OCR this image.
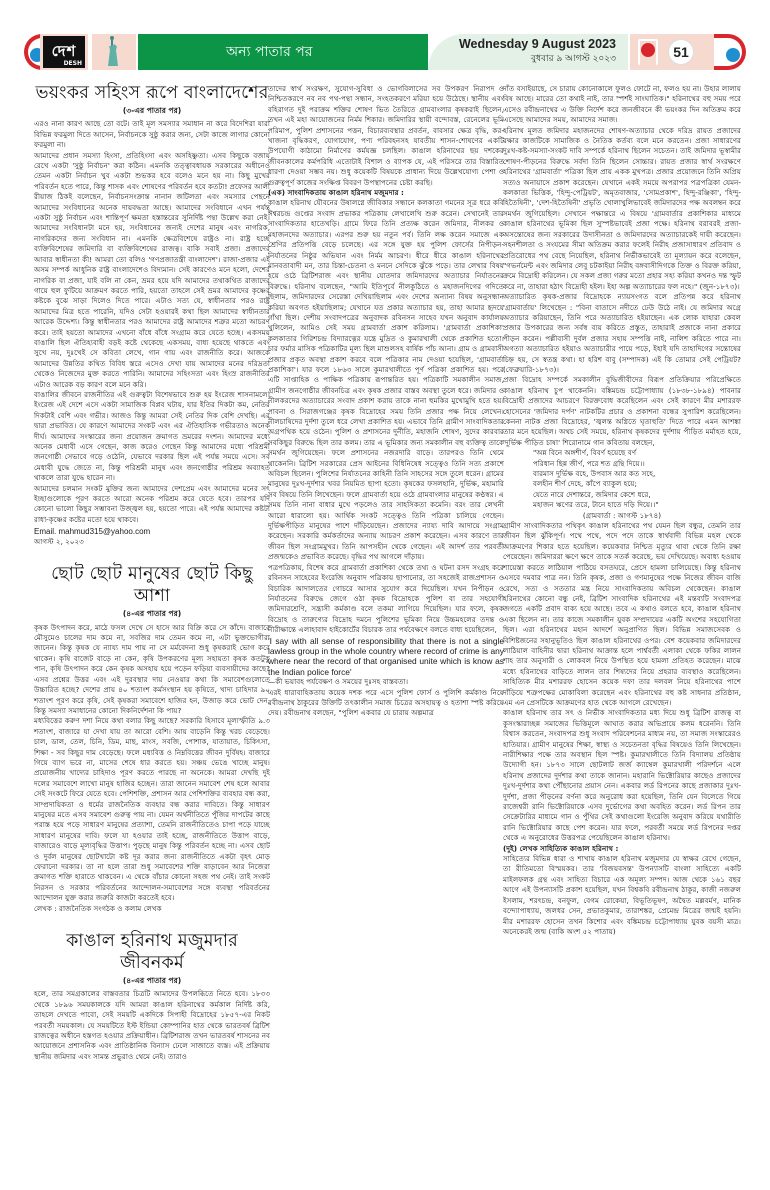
দেশ
DESH
অন্য পাতার পর	Wednesday 9 August 2023
বুধবার ৯ আগস্ট ২০২৩	51
ভয়ংকর সহিংস রূপে বাংলাদেশের
(৩-এর পাতার পর)

এরও নানা কারণ আছে তো বটে। তাই মূল সমস্যার সমাধান না করে বিদেশিরা যারা বিভিন্ন ফরমুলা দিতে আসেন, নির্বাচনকে সুষ্ঠু করার জন্য, সেটা কাজে লাগার কোনো ফরমুলা না।

আমাদের প্রধান সমস্যা হিংসা, প্রতিহিংসা এবং অসহিষ্ণুতা। এসব কিছুকে বজায় রেখে একটা 'সুষ্ঠু নির্বাচন' করা কঠিন। এমনকি তত্ত্বাবধায়ক সরকারের অধীনেও তেমন একটা নির্বাচন খুব একটা শুভকর হবে বলেও মনে হয় না। কিছু মুখের পরিবর্তন হতে পারে, কিন্তু শাসক এবং শোষণের পরিবর্তন হবে কতটা! প্রফেসর আলী রীয়াজ ঠিকই বলেছেন, নির্বাচনসংক্রান্ত নানান জটিলতা এবং সমস্যার পেছনে আমাদের সংবিধানের অনেক দায়বদ্ধতা আছে। আমাদের সংবিধানে এখন পর্যন্ত একটা সুষ্ঠু নির্বাচন এবং শান্তিপূর্ণ ক্ষমতা হস্তান্তরের সুনির্দিষ্ট পন্থা উল্লেখ করা নেই। আমাদের সংবিধানটা মনে হয়, সংবিধানের জন্যই দেশের মানুষ এবং নাগরিক, নাগরিকদের জন্য সংবিধান না। এমনকি ক্ষেত্রবিশেষে রাষ্ট্রও না। রাষ্ট্র হচ্ছে ব্যক্তিবিশেষের জমিদারি বা ব্যক্তিবিশেষের রাজত্ব। বাকি সবাই প্রজা। প্রজাদের আবার স্বাধীনতা কী! আমরা তো বলিও 'গণপ্রজাতন্ত্রী বাংলাদেশ'। রাজা-প্রজার এই অসম সম্পর্ক আধুনিক রাষ্ট্র বাংলাদেশেও বিদ্যমান। সেই কারণেও মনে হলো, দেশের নাগরিক বা প্রজা, যাই বলি না কেন, ভ্রমর হয়ে যদি আমাদের তথাকথিত রাজাদের গায়ে হুল ফুটিয়ে আক্রমণ করতে পারি, হয়তো তাহলে সেই ভ্রমর আমাদের কৃষ্ণের কষ্টকে বুঝে সাড়া দিলেও দিতে পারে। এটাও সত্য যে, স্বাধীনতার পরও রাষ্ট্র আমাদের মিত্র হতে পারেনি, যদিও সেটা হওয়ারই কথা ছিল আমাদের স্বাধীনতার আরেক উদ্দেশ্য। কিন্তু স্বাধীনতার পরও আমাদের রাষ্ট্র আমাদের শত্রুর মতো আচরণ করে। তাই হয়তো আমাদের এখনো বাঁধে বাঁধে সংগ্রাম করে যেতে হচ্ছে। একসময় বাঙালি ছিল ঐতিহ্যবাহী বড়ই কষ্টে থেকেছে একসময়, বাধ্য হয়েছে থাকতে এবং সুখে নয়, দুঃখেই সে কবিতা লেখে, গান গায় এবং রাজনীতি করে। আজকে আমাদের উন্নতির কথিত বিবিধ স্তরে এসেও দেখা যায় আমাদের মনের দরিদ্রতা থেকেও নিজেদের মুক্ত করতে পারিনি। আমাদের সহিংসতা এবং হিংস্র রাজনীতির এটাও আরেক বড় কারণ বলে মনে করি।

বাঙালির জীবনে রাজনীতির এই গুরুত্বটা বিশেষভাবে শুরু হয় ইংরেজ শাসনামলে। ইংরেজ এই দেশে এসে একটা সামাজিক বিপ্লব ঘটায়, যার ইতির দিকটা কম, নেতির দিকটাই বেশি এবং গভীর। আজও কিন্তু আমরা সেই নেতির দিক বেশি দেখছি। এর দ্বারা প্রভাবিত। যে কারণে আমাদের সংকট এবং এর ঐতিহাসিক গভীরতাও অনেক দীর্ঘ। আমাদের সংস্কারের জন্য প্রয়োজন ক্রমাগত ভ্রমরের দংশন। আমাদের মধ্যে অনেক মেধাবী এসে গেছেন, কাজ করেও গেছেন কিন্তু আমাদের মধ্যে পরিশ্রমী জনগোষ্ঠী সেভাবে গড়ে ওঠেনি, যেভাবে দরকার ছিল এই পর্যন্ত সময়ে এসে। সব মেধাবী যুদ্ধে জেতে না, কিন্তু পরিশ্রমী মানুষ এবং জনগোষ্ঠীর পরিশ্রম অব্যাহত থাকলে তারা যুদ্ধে হারেন না।

আমাদের চলমান সংকট মুক্তির জন্য আমাদের দেশপ্রেম এবং আমাদের মনের সৎ ইচ্ছাগুলোকে পূরণ করতে আরো অনেক পরিশ্রম করে যেতে হবে। তারপর যদি কোনো ভালো কিছুর সম্ভাবনা উজ্জ্বল হয়, হয়তো পারে। এই পর্যন্ত আমাদের কষ্টটা রাধা-কৃষ্ণের কষ্টের মতো হয়ে থাকবে।

Email. mahmud315@yahoo.com
আগস্ট ২, ২০২৩
ছোট ছোট মানুষের ছোট কিছু আশা
(৪-এর পাতার পর)

কৃষক উৎপাদন করে, মাঠে ফসল দেখে সে হাসে আর বিক্রি করে সে কাঁদে। বাজারে মৌসুমেও চালের দাম কমে না, সবজির দাম তেমন কমে না, এটা ভুক্তভোগীরা জানেন। কিন্তু কৃষক যে ন্যায্য দাম পায় না সে মর্মবেদনা শুধু কৃষকরাই ভোগ করে থাকেন। কৃষি বাজেট বাড়ে না কেন, কৃষি উপকরণের মূল্য সহায়তা কৃষক কতটুকু পান, কৃষি উৎপাদন করে কেন কৃষক অসহায় হয়ে পড়েন ফড়িয়া ব্যবসায়ীদের কাছে? এসব প্রশ্নের উত্তর এবং এই দুরবস্থার দায় নেওয়ার কথা কি সমাবেশগুলোতে উচ্চারিত হচ্ছে? দেশের প্রায় ৪০ শতাংশ কর্মসংস্থান হয় কৃষিতে, খাদ্য চাহিদার ৯০ শতাংশ পূরণ করে কৃষি, সেই কৃষকরা সমাবেশে হাজির হন, উজাড় করে ভোট দেন, কিন্তু সমস্যা সমাধানের কোনো দিকনির্দেশনা কি পায়?

মধ্যবিত্তের করুণ দশা নিয়ে কথা বলার কিছু আছে? সরকারি হিসাবে মূল্যস্ফীতি ৯.৩ শতাংশ, বাজারে যা দেখা যায় তা আরো বেশি। আয় বাড়েনি কিন্তু খরচ বেড়েছে। চাল, ডাল, তেল, চিনি, ডিম, মাছ, মাংস, সবজি, পোশাক, যাতায়াত, চিকিৎসা, শিক্ষা - সব কিছুর দাম বেড়েছে। ফলে মধ্যবিত্ত ও নিম্নবিত্তের জীবন দুর্বিষহ। বাজারে গিয়ে ব্যাগ ভরে না, মাসের শেষে ধার করতে হয়। সঞ্চয় ভেঙে খাচ্ছে মানুষ। প্রয়োজনীয় খাদ্যের চাহিদাও পূরণ করতে পারছে না অনেকে। আমরা দেখছি দুই দলের সমাবেশে লাখো মানুষ হাজির হচ্ছেন। তারা জানেন সমাবেশ শেষ হলে আবার সেই সংকটে ফিরে যেতে হবে। পেশিশক্তি, প্রশাসন আর পেশিশক্তির ব্যবহার বন্ধ করা, সাম্প্রদায়িকতা ও ধর্মের রাজনৈতিক ব্যবহার বন্ধ করার দাবিতে। কিন্তু সাধারণ মানুষের মতে এসব সমাবেশ গুরুত্ব পায় না। যেমন অর্থনীতিতে পুঁজির দাপটের কাছে পরাস্ত হয়ে পড়ে সাধারণ মানুষের প্রত্যাশা, তেমনি রাজনীতিতেও চাপা পড়ে যাচ্ছে সাধারণ মানুষের দাবি। ফলে যা হওয়ার তাই হচ্ছে, রাজনীতিতে উত্তাপ বাড়ে, বাজারেও বাড়ে মূল্যবৃদ্ধির উত্তাপ। পুড়ছে মানুষ কিন্তু পরিবর্তন হচ্ছে না। এসব ছোট ও দুর্বল মানুষের ছোটখাটো কষ্ট দূর করার জন্য রাজনীতিতে একটা বৃহৎ মোড় ফেরানো দরকার। তা না হলে তারা শুধু সমাবেশের শক্তি বাড়াবেন আর নিজেরা ক্রমাগত শক্তি হারাতে থাকবেন। এ থেকে বাঁচার কোনো সহজ পথ নেই। তাই সংকট নিরসন ও সরকার পরিবর্তনের আন্দোলন-সমাবেশের সঙ্গে ব্যবস্থা পরিবর্তনের আন্দোলন যুক্ত করার জরুরি কাজটা করতেই হবে।

লেখক : রাজনৈতিক সংগঠক ও কলাম লেখক

কাঙাল হরিনাথ মজুমদার জীবনকর্ম
(৪-এর পাতার পর)

হলে, তার সমগ্রকালের বাস্তবতার চিত্রটি আমাদের উপলব্ধিতে নিতে হবে। ১৮৩৩ থেকে ১৮৯৬ সময়কালকে যদি আমরা কাঙাল হরিনাথের কর্মকাল নির্দিষ্ট করি, তাহলে দেখতে পাবো, সেই সময়টি একদিকে সিপাহী বিদ্রোহের ১৮৫৭-এর নিকট পরবর্তী সময়কাল। যে সময়টিতে ইস্ট ইন্ডিয়া কোম্পানির হাত থেকে ভারতবর্ষ ব্রিটিশ রাজত্বের অধীনে হস্তগত হওয়ার প্রক্রিয়াধীন। ব্রিটিশরাজ তখন ভারতবর্ষ শাসনের নব আয়োজনে প্রশাসনিক এবং প্রাতিষ্ঠানিক বিন্যাস ঢেলে সাজাতে ব্যস্ত। এই প্রক্রিয়ায় স্থানীয় জমিদার এবং সামন্ত প্রভুরাও থেমে নেই। তারাও

তাদের স্বার্থ সংরক্ষণ, সুযোগ-সুবিধা ও ভোগবিলাসের সব উপকরণ নিরাপদ ও নিশ্চিতকরণে নব নব পথ-পন্থা সন্ধান, সংহতকরণে মরিয়া হয়ে উঠেছে। স্থানীয় এবং বহিরাগত দুই পরাক্রম শক্তির শোষণ ভিত তৈরিতে গ্রামবাংলার কৃষকরাই ছিলেন, তখন এই মহা আয়োজনের নির্মম শিকার। জমিদারির স্থায়ী বন্দোবস্ত, রেনেলের ভূমি পরিমাপ, পুলিশ প্রশাসনের পত্তন, বিচারব্যবস্থার প্রবর্তন, বাবসার ক্ষেত্র বৃদ্ধি, কর-খাজনা বৃদ্ধিকরণ, যোগাযোগ, পণ্য পরিবহনসহ যাবতীয় শাসন-শোষণের একটি উপযোগী কাঠামো নির্মাণের কর্মযজ্ঞ চলছিল। কাঙাল হরিনাথের ছয় দশকের জীবনকালের কর্মপরিধি এতোটাই বিশাল ও ব্যাপক যে, এই পরিসরে তার বিস্তারিত ধারণা দেওয়া সম্ভব নয়। শুধু কয়েকটি বিষয়কে প্রাধান্য দিয়ে উল্লেখযোগ্য পেশা ও গুরুত্বপূর্ণ কাজের সংক্ষিপ্ত বিবরণ উপস্থাপনের চেষ্টা করছি।

(এক) সাংবাদিকতায় কাঙাল হরিনাথ মজুমদার :

কাঙাল হরিনাথ যৌবনের উষালগ্নে জীবিকার সন্ধানে কলকাতা গমনের সূত্র ধরে কবি ঈশ্বরচন্দ্র গুপ্তের সংবাদ প্রভাকর পত্রিকায় লেখালেখি শুরু করেন। সেখানেই তার সাংবাদিকতার হাতেখড়ি। গ্রামে ফিরে তিনি প্রত্যক্ষ করেন জমিদার, নীলকর ও মহাজনদের অত্যাচার। এরপর শুরু হয় নতুন পর্ব। তিনি লক্ষ করেন সমাজে এক শ্রেণির প্রতিপত্তি বেড়ে চলেছে। এর সঙ্গে যুক্ত হয় পুলিশ ফোর্সের নিপীড়ন-নির্যাতনের নিষ্ঠুর অভিযান এবং নির্মম আচরণ। ধীরে ধীরে কাঙাল হরিনাথের মানবতাবাদী মন, তার চিন্তা-চেতনা ও মননে সেদিকে ঝুঁকে পড়ে। তার লেখার বিষয় হয়ে ওঠে ব্রিটিশরাজ এবং স্থানীয় যোতদার জমিদারদের অত্যাচার নির্যাতনের বিরুদ্ধে। হরিনাথ বলেছেন, "আমি ইতিপূর্বে নীলকুঠিতে ও মহাজনদিগের গদিতে ছিলাম, জমিদারদের সেরেস্তা দেখিয়াছিলাম এবং দেশের অন্যান্য বিষয় অনুসন্ধান করিয়া অবগত হইয়াছিলাম; যেখানে যত প্রকার অত্যাচার হয়, তাহা আমার হৃদয়ে গাঁথা ছিল। দেশীয় সংবাদপত্রের অনুবাদক রবিনসন সাহেব যখন অনুবাদ কার্যালয় খুলিলেন, আমিও সেই সময় গ্রামবার্তা প্রকাশ করিলাম। 'গ্রামবার্তা প্রকাশিকা' কলকাতার গিরিশচন্দ্র বিদ্যারত্নের যন্ত্রে মুদ্রিত ও কুমারখালী থেকে প্রকাশিত হতো। চার ফর্মার মাসিক পত্রিকাটির মূল্য ছিল মাশুলসহ বার্ষিক পাঁচ আনা। গ্রাম ও গ্রামবাসী প্রজার প্রকৃত অবস্থা প্রকাশ করবে বলে পত্রিকার নাম দেওয়া হয়েছিল, 'গ্রামবার্তা প্রকাশিকা'। যার ফলে ১৮৬৩ সালে কুমারখালীতে পূর্ণ পত্রিকা প্রকাশিত হয়। পরে এটি সাপ্তাহিক ও পাক্ষিক পত্রিকায় রূপান্তরিত হয়। পত্রিকাটি সমকালীন সমাজ, গ্রামীণ জনগোষ্ঠীর জীবনচিত্র এবং কৃষক প্রজার বাস্তব অবস্থা তুলে ধরে। জমিদার ও নীলকরদের অত্যাচারের সংবাদ প্রকাশ করায় তাকে নানা হুমকির মুখোমুখি হতে হয়। পাবনা ও সিরাজগঞ্জের কৃষক বিদ্রোহের সময় তিনি প্রজার পক্ষ নিয়ে লেখেন। নীলচাষিদের দুর্দশা তুলে ধরে লেখা প্রকাশিত হয়। এভাবে তিনি গ্রামীণ সাংবাদিকতার অগ্রপথিক হয়ে ওঠেন। পুলিশ ও প্রশাসনের দুর্নীতি, মহাজনি শোষণ, সুদের কারবার সবকিছুর বিরুদ্ধে ছিল তার কলম। তার এ ভূমিকার জন্য সমকালীন বহু ব্যক্তিত্ব তাকে সমর্থন জুগিয়েছেন। ফলে প্রশাসনের নজরদারি বাড়ে। তারপরও তিনি থেমে থাকেননি। ব্রিটিশ সরকারের প্রেস আইনের বিধিনিষেধ সত্ত্বেও তিনি সত্য প্রকাশে অবিচল ছিলেন। পুলিশের নির্যাতনের কাহিনী তিনি সাহসের সঙ্গে তুলে ধরেন। গ্রামের মানুষের দুঃখ-দুর্দশার খবর নিয়মিত ছাপা হতো। কৃষকের ফসলহানি, দুর্ভিক্ষ, মহামারি সব বিষয়ে তিনি লিখেছেন। ফলে গ্রামবার্তা হয়ে ওঠে গ্রামবাংলার মানুষের কণ্ঠস্বর। এ সময় তিনি নানা বাধার মুখে পড়লেও তার সাহসিকতা কমেনি। বরং তার লেখনী আরো ধারালো হয়। আর্থিক সংকট সত্ত্বেও তিনি পত্রিকা চালিয়ে গেছেন। দুর্ভিক্ষপীড়িত মানুষের পাশে দাঁড়িয়েছেন। প্রজাদের ন্যায্য দাবি আদায়ে সংগ্রাম করেছেন। সরকারি কর্মকর্তাদের অন্যায় আচরণ প্রকাশ করেছেন। এসব কারণে তার জীবন ছিল সংগ্রামমুখর। তিনি আপসহীন থেকে গেছেন। এই আদর্শ তার পরবর্তী প্রজন্মকেও প্রভাবিত করেছে। বৃদ্ধির পথ আগলে দাঁড়ায়।

পত্রপত্রিকায়, বিশেষ করে গ্রামবার্তা প্রকাশিকা থেকে তথ্য ও ঘটনা রসদ সংগ্রহ করে রবিনসন সাহেবের ইংরেজি অনুবাদ পত্রিকায় ছাপানোর, তা সহজেই রাজপ্রশাসন ও বিচারিক আদালতের গোচরে আসার সুযোগ করে দিয়েছিল। যখন নিপীড়ন ও নির্যাতনের বিরুদ্ধে জেগে ওঠা কৃষক বিদ্রোহকে পুলিশ বা তার সহযোগী জমিদারশ্রেণি, সন্ত্রাসী কর্মকাণ্ড বলে তকমা লাগিয়ে দিয়েছিল। যার ফলে, কৃষক বিদ্রোহ ও তারুণ্যের বিদ্রোহ দমনে পুলিশের ভূমিকা নিয়ে উচ্চমহলের তদন্ত ও নীরীক্ষান্তে এলাহাবাদ হাইকোর্টের বিচারক তার পর্যবেক্ষণে বলতে বাধ্য হয়েছিলেন,

'I say with all sense of responsibility that there is not a single lawless group in the whole country where record of crime is any where near the record of that organised unite which is know as the Indian police force'

—কী ভয়াবহ পর্যবেক্ষণ ও সময়ের দুঃসহ বাস্তবতা।

এরই ধারাবাহিকতায় কয়েক দশক পরে এসে পুলিশ ফোর্স ও পুলিশি কর্মকাণ্ড নিয়ে রবীন্দ্রনাথ ঠাকুরের উক্তিটি তৎকালীন সমাজ চিত্রের অসহায়ত্ব ও হতাশা স্পষ্ট করিয়ে দেয়। রবীন্দ্রনাথ বলছেন, "পুলিশ একবার যে চারায় অল্পমাত্র

দাঁত বসাইয়াছে, সে চারায় কোনোকালে ফুলও ফোটে না, ফলও হয় না। উহার লালায় বিষ আছে। মারের তো কথাই নাই, তার স্পর্শই সাংঘাতিক।" হরিনাথের বহু সময় পরে এসেও রবীন্দ্রনাথের এ উক্তি নির্দেশ করে জনজীবনে কী ভয়ংকর দিন অতিক্রম করে এসেছে আমাদের সময়, আমাদের সমাজ।

হরিনাথ মূলত জমিদার মহাজনদের শোষণ-অত্যাচার থেকে দরিদ্র রায়ত প্রজাদের রক্ষার কাজটিকে সামাজিক ও নৈতিক কর্তব্য বলে মনে করতেন। প্রজা সাধারণের দুঃখ-কষ্ট-সমস্যা-সংকট দাবি সম্পর্কে হরিনাথ ছিলেন সচেতন। তাই জমিদার ভূস্বামীর শোষণ-পীড়নের বিরুদ্ধে সর্বদা তিনি ছিলেন সোচ্চার। রায়ত প্রজার স্বার্থ সংরক্ষণে হরিনাথের 'গ্রামবার্তা' পত্রিকা ছিল প্রায় একক মুখপত্র। প্রজার প্রয়োজনে তিনি অপ্রিয় সত্যও অনায়াসে প্রকাশ করেছেন। যেখানে একই সময়ে অপরাপর পত্রপত্রিকা যেমন-কলকাতা ভিত্তিক, 'হিন্দু-পেট্রিয়ট', অমৃতবাজার, 'সোমপ্রকাশ', হিন্দু-রঞ্জিকা', 'হিন্দু-হিতৈষিনী', 'দেশ-হিতৈষিনী' প্রভৃতি খোলাখুলিভাবেই জমিদারদের পক্ষ অবলম্বন করে সমর্থন জুগিয়েছিল। সেখানে পক্ষান্তরে এ বিষয়ে 'গ্রামবার্তার প্রকাশিকার মাধ্যমে কাঙাল হরিনাথের ভূমিকা ছিল সুস্পষ্টভাবেই প্রজা পক্ষে। হরিনাথ বরাবরই প্রজা-অসন্তোষের জন্য সরকারের উদাসীনতা ও জমিদারদের অত্যাচারকেই দায়ী করেছেন। সহনশীলতা ও সংযমের সীমা অতিক্রম করার ফলেই নিরীহ প্রজাসাধারণ প্রতিবাদ ও প্রতিরোধের পথ বেছে নিয়েছিল, হরিনাথ নির্ভীকভাবেই তা মূল্যায়ন করে বলেছেন, "গভর্নমেন্ট এবং জমিদার লেবু চটকাইয়া নিরীহ বঙ্গবাসীদিগকে তিক্ত ও বিরক্ত করিয়া, ক্রমে বিদ্রোহী করিলেন। যে সকল প্রজা গরুর মতো প্রহার সহ্য করিয়া কখনও দন্ত স্ফুট করে না, তাহারা হঠাৎ বিদ্রোহী হইল। ইহা অল্প অত্যাচারের ফল নহে।" (জুন-১৮৭৩)।

অত্যাচারিত কৃষক-প্রজার বিদ্রোহকে ন্যায়সংগত বলে প্রতিপন্ন করে হরিনাথ 'গ্রামবার্তায়' লিখেছেন : "বিনা বাতাসে নদীতে ঢেউ উঠে নাই। যে জমিদার অগ্রে অত্যাচার করিয়াছেন, তিনি পরে অত্যাচারিত হইয়াছেন। এক লোক যাহারা কেবল প্রজার উপকারের জন্য সর্বস্ব ব্যয় করিতে প্রস্তুত, তাহারাই প্রজাকে নানা প্রকারে পীড়ন করেন। পল্লীবাসী দুর্বল প্রজার সহায় সম্পত্তি নাই, নালিশ করিতে পারে না। অগত্যা অত্যাচারিত হইয়াও অত্যাচারীর পায়ে পড়ে, ইহাই যদি তাহাদিগের সন্তোষের চিহ্ন হয়, সে স্বতন্ত্র কথা। হা হরিশ বাবু (সম্পাদক) এই কি তোমার সেই পেট্রিয়ট? (ফেব্রুয়ারি-১৮৭৩)।

প্রজা বিদ্রোহ সম্পর্কে সমকালীন বুদ্ধিজীবীদের বিরূপ প্রতিক্রিয়ার পরিপ্রেক্ষিতে কাঙাল হরিনাথ চুপ থাকেননি। বঙ্কিমচন্দ্র চট্টোপাধ্যায় (১৮৩৮-১৮৯৪) পাবনার বিদ্রোহী প্রজাদের আচরণে বিরক্তবোধ করেছিলেন এবং সেই কারণে মীর মশাররফ হোসেনের 'জমিদার দর্পণ' নাটকটির প্রচার ও প্রকাশনা বন্ধের সুপারিশ করেছিলেন। কেননা নাটক প্রজা বিদ্রোহের, 'জ্বলন্ত অগ্নিতে ঘৃতাহুতি' দিতে পারে এমন আশঙ্কা তার মনে হয়েছিল। অথচ সেই সময়ে, হরিনাথ কৃষকদের দুর্দশায় পীড়িত মর্মাহত হয়ে, 'দুর্ভিক্ষ পীড়িত চাষা' শিরোনামে গান কবিতায় বলছেন,

"অন্ন বিনে অঙ্গশীর্ণ, বিবর্ণ হয়েছে বর্ণ
পরিধান ছিন্ন জীর্ণ, পরে শত গ্রন্থি দিয়ে।।
বারমাস দুর্ভিক্ষ বহে, উপবাস আর কত সহে,
বলহীন শীর্ণ দেহে, কাঁপে ব্যাকুল হয়ে;
যেতে নারে দেশান্তরে, জমিদার কেশে ধরে,
মহাজন ঋণের তরে, টানে হাতে দড়ি দিয়ে।।"

(গ্রামবার্তা : আগস্ট ১৮৭৪)

গ্রামীণ সাংবাদিকতার পথিকৃৎ কাঙাল হরিনাথের পথ যেমন ছিল বন্ধুর, তেমনি তার জীবন ছিল ঝুঁকিপূর্ণ। পথে পথে, পদে পদে তাকে স্বার্থবাদী বিভিন্ন মহল থেকে আক্রমণের শিকার হতে হয়েছিল। কয়েকবার নিশ্চিত মৃত্যুর থাবা থেকে তিনি রক্ষা পেয়েছেন। জমিদাররা ক্ষণে ক্ষণে তাকে সতর্ক করেছে, ভয় দেখিয়েছে। অবাধ্য হওয়ায় শায়েস্তা করতে লাঠিয়াল পাঠিয়ে বসতঘরে, প্রেসে হামলা চালিয়েছে। কিন্তু হরিনাথ এসবে দমবার পাত্র নন। তিনি কৃষক, প্রজা ও গণমানুষের পক্ষে নিজের জীবন বাজি রেখে, সত্য ও সততার মন্ত্র নিয়ে সাংবাদিকতায় অবিচল থেকেছেন। কাঙাল হরিনাথের কোনো বন্ধু নেই, ব্রিটিশ সাংবাদিক হরিনাথের এই মন্তব্যটি সংবাদপত্র জগতে একটি প্রবাদ বাক্য হয়ে আছে। তবে এ কথাও বলতে হবে, কাঙাল হরিনাথ একা ছিলেন না। তার কাজে সমকালীন যুবক সম্প্রদায়ের একটি অংশের সহযোগিতা ছিল। এরা হরিনাথের মহান আদর্শে অনুপ্রাণিত ছিল। বিভিন্ন সমাজসেবক ও বিশিষ্টজনের সহানুভূতিও ছিল কাঙাল হরিনাথের ওপর। বেশ কয়েকবার জমিদারদের লাঠিয়াল বাহিনীর দ্বারা হরিনাথ আক্রান্ত হলে পার্শ্ববর্তী এলাকা থেকে ফকির লালন শাহ তার অনুসারী ও লোকবল নিয়ে উপস্থিত হয়ে হামলা প্রতিহত করেছেন। মাঝে মধ্যে হরিনাথের বাড়িতে লালন তার শিষ্যদের নিয়ে প্রহরার ব্যবস্থাও করেছিলেন। সাহিত্যিক মীর মশাররফ হোসেন কয়েক দফা তার দলবল নিয়ে হরিনাথের পাশে দাঁড়িয়ে শত্রুপক্ষের মোকাবিলা করেছেন এবং হরিনাথের বহু কষ্ট সাধনার প্রতিষ্ঠান, এম এন প্রেসটিকে আক্রমণের হাত থেকে আগলে রেখেছেন।

কাঙাল হরিনাথ তার সৎ ও নির্ভীক সাংবাদিকতার মধ্য দিয়ে শুধু ব্রিটিশ রাজত্ব বা কুসংস্কারাচ্ছন্ন সমাজের ভিত্তিমূলে আঘাত করার অভিপ্রায়ে কলম ধরেননি। তিনি বিশ্বাস করতেন, সংবাদপত্র শুধু সংবাদ পরিবেশনের মাধ্যম নয়, তা সমাজ সংস্কারেরও হাতিয়ার। গ্রামীণ মানুষের শিক্ষা, স্বাস্থ্য ও সচেতনতা বৃদ্ধির বিষয়েও তিনি লিখেছেন। নারীশিক্ষার পক্ষে তার অবস্থান ছিল স্পষ্ট। কুমারখালীতে তিনি বিদ্যালয় প্রতিষ্ঠায় উদ্যোগী হন। ১৮৭৩ সালে ছোটলাট জর্জ ক্যাম্বেল কুমারখালী পরিদর্শনে এলে হরিনাথ প্রজাদের দুর্দশার কথা তাকে জানান। মহারানি ভিক্টোরিয়ার কাছেও প্রজাদের দুঃখ-দুর্দশার কথা পৌঁছানোর প্রয়াস নেন। একবার লর্ড রিপনের কাছে প্রজাকার দুঃখ-দুর্দশা, প্রজা পীড়নের বর্ণনা করে অনুরোধ করা হয়েছিল, তিনি যেন বিলেতে গিয়ে রাজেশ্বরী রানি ভিক্টোরিয়াকে এসব দুর্ভোগের কথা অবহিত করেন। লর্ড রিপন তার সেক্রেটারির মাধ্যমে গান ও পুঁথির সেই কথাগুলো ইংরেজি অনুবাদ করিয়ে যথারীতি রানি ভিক্টোরিয়ার কাছে পেশ করেন। যার ফলে, পরবর্তী সময়ে লর্ড রিপনের দপ্তর থেকে এ অনুরোধের উত্তরপত্র পেয়েছিলেন কাঙাল হরিনাথ।

(দুই) লেখক সাহিত্যিক কাঙাল হরিনাথ :

সাহিত্যের বিভিন্ন ধারা ও শাখায় কাঙাল হরিনাথ মজুমদার যে স্বাক্ষর রেখে গেছেন, তা রীতিমতো বিস্ময়কর। তার 'বিজয়বসন্ত' উপন্যাসটি বাংলা সাহিত্যে একটি মাইলফলক গ্রন্থ এবং সাহিত্য বিচারে এক অমূল্য সম্পদ। আজ থেকে ১৬১ বছর আগে এই উপন্যাসটি প্রকাশ হয়েছিল, যখন বিশ্বকবি রবীন্দ্রনাথ ঠাকুর, কাজী নজরুল ইসলাম, শরৎচন্দ্র, বনফুল, বেগম রোকেয়া, বিভূতিভূষণ, অদ্বৈত মল্লবর্মণ, মানিক বন্দ্যোপাধ্যায়, জলধর সেন, প্রভাতকুমার, তারাশঙ্কর, প্রেমেন্দ্র মিত্রের জন্মই হয়নি। মীর মশাররফ হোসেন তখন কিশোর এবং বঙ্কিমচন্দ্র চট্টোপাধ্যায় যুবক বয়সী মাত্র। অনেকেরই জন্ম (বাকি অংশ ৫২ পাতায়)
